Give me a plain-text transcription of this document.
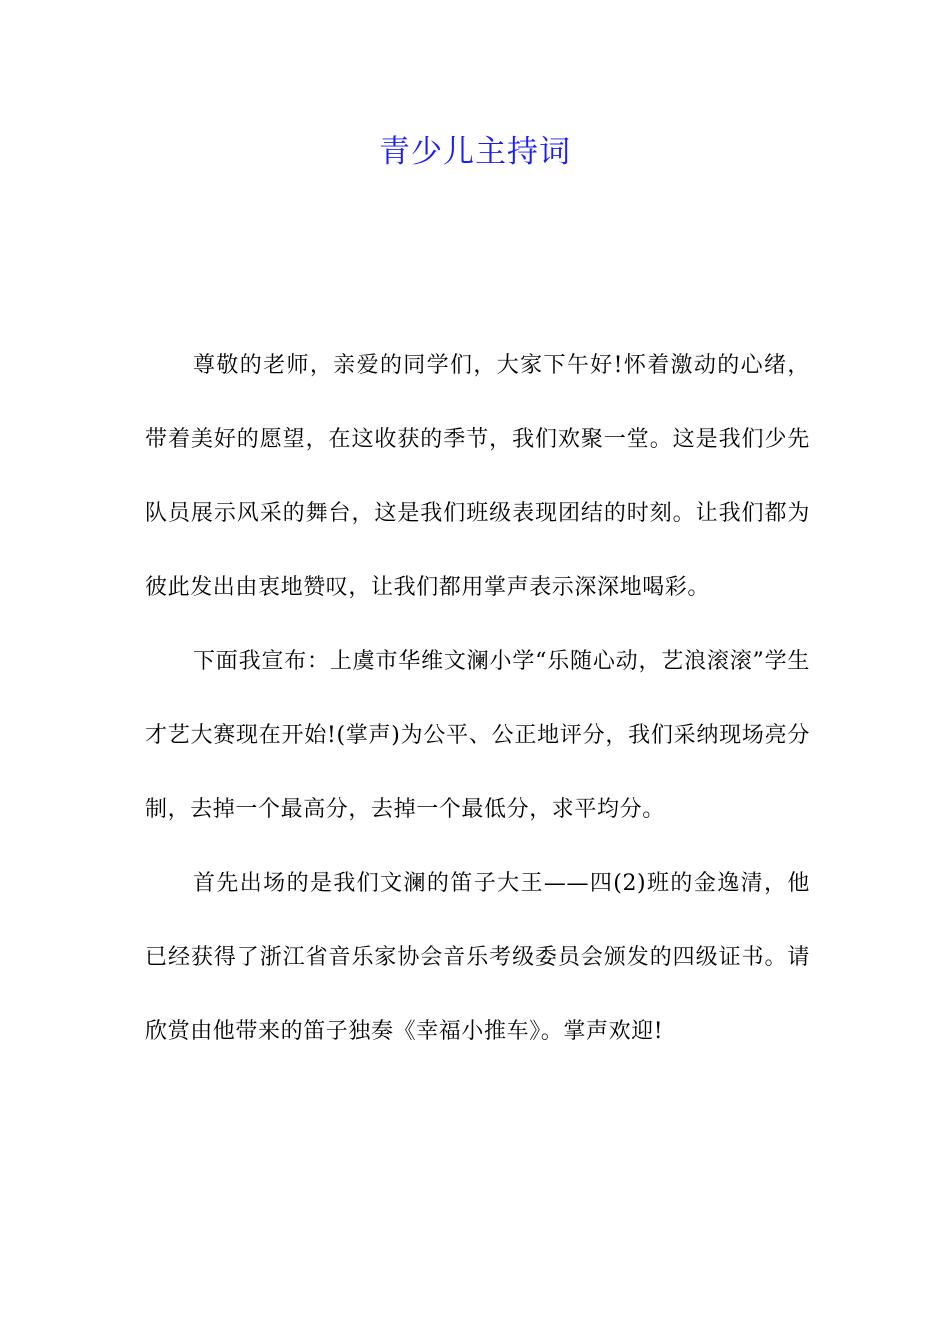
青少儿主持词

尊敬的老师，亲爱的同学们，大家下午好!怀着激动的心绪，带着美好的愿望，在这收获的季节，我们欢聚一堂。这是我们少先队员展示风采的舞台，这是我们班级表现团结的时刻。让我们都为彼此发出由衷地赞叹，让我们都用掌声表示深深地喝彩。

下面我宣布：上虞市华维文澜小学“乐随心动，艺浪滚滚”学生才艺大赛现在开始!(掌声)为公平、公正地评分，我们采纳现场亮分制，去掉一个最高分，去掉一个最低分，求平均分。

首先出场的是我们文澜的笛子大王——四(2)班的金逸清，他已经获得了浙江省音乐家协会音乐考级委员会颁发的四级证书。请欣赏由他带来的笛子独奏《幸福小推车》。掌声欢迎!
